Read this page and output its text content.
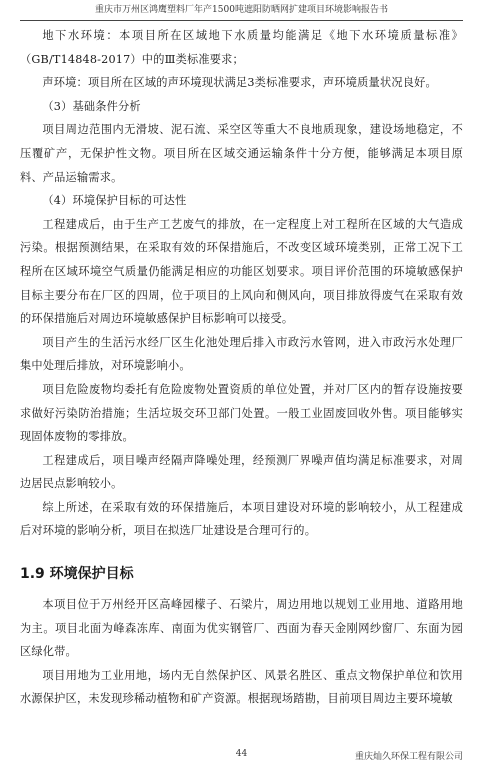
重庆市万州区鸿鹰塑料厂年产1500吨遮阳防晒网扩建项目环境影响报告书

地下水环境：本项目所在区域地下水质量均能满足《地下水环境质量标准》（GB/T14848-2017）中的Ⅲ类标准要求；

声环境：项目所在区域的声环境现状满足3类标准要求，声环境质量状况良好。

（3）基础条件分析

项目周边范围内无滑坡、泥石流、采空区等重大不良地质现象，建设场地稳定，不压覆矿产，无保护性文物。项目所在区域交通运输条件十分方便，能够满足本项目原料、产品运输需求。

（4）环境保护目标的可达性

工程建成后，由于生产工艺废气的排放，在一定程度上对工程所在区域的大气造成污染。根据预测结果，在采取有效的环保措施后，不改变区域环境类别，正常工况下工程所在区域环境空气质量仍能满足相应的功能区划要求。项目评价范围的环境敏感保护目标主要分布在厂区的四周，位于项目的上风向和侧风向，项目排放得废气在采取有效的环保措施后对周边环境敏感保护目标影响可以接受。

项目产生的生活污水经厂区生化池处理后排入市政污水管网，进入市政污水处理厂集中处理后排放，对环境影响小。

项目危险废物均委托有危险废物处置资质的单位处置，并对厂区内的暂存设施按要求做好污染防治措施；生活垃圾交环卫部门处置。一般工业固废回收外售。项目能够实现固体废物的零排放。

工程建成后，项目噪声经隔声降噪处理，经预测厂界噪声值均满足标准要求，对周边居民点影响较小。

综上所述，在采取有效的环保措施后，本项目建设对环境的影响较小，从工程建成后对环境的影响分析，项目在拟选厂址建设是合理可行的。

1.9 环境保护目标

本项目位于万州经开区高峰园檬子、石梁片，周边用地以规划工业用地、道路用地为主。项目北面为峰森冻库、南面为优实钢管厂、西面为春天金刚网纱窗厂、东面为园区绿化带。

项目用地为工业用地，场内无自然保护区、风景名胜区、重点文物保护单位和饮用水源保护区，未发现珍稀动植物和矿产资源。根据现场踏勘，目前项目周边主要环境敏

44	重庆灿久环保工程有限公司
